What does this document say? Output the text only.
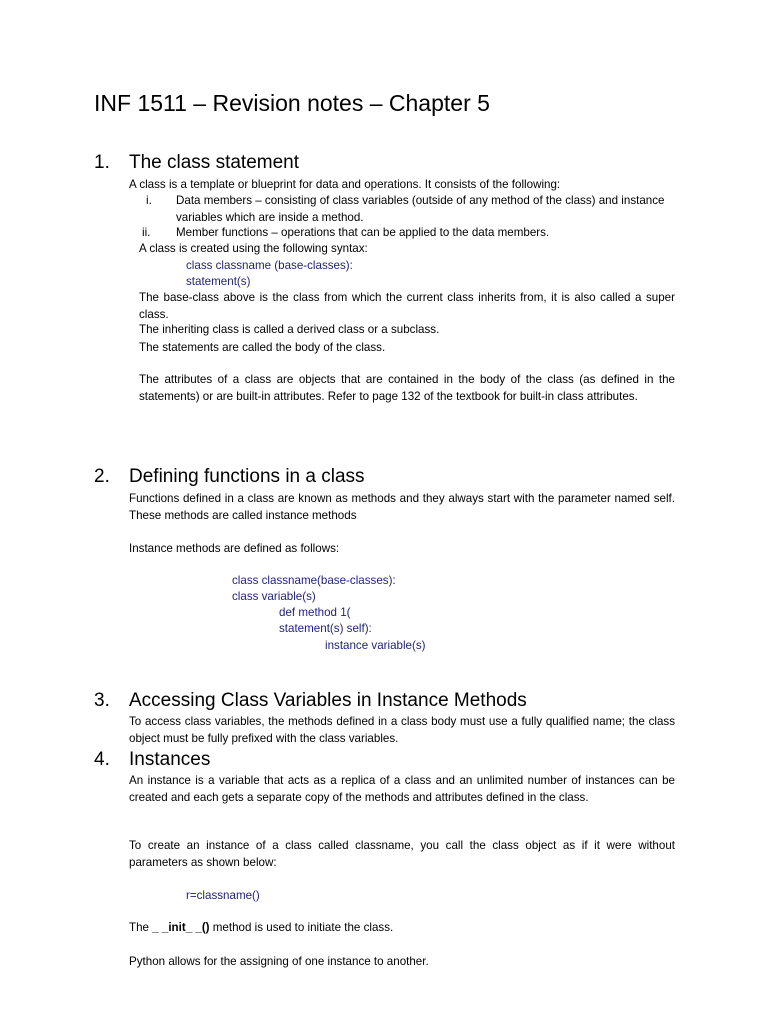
INF 1511 – Revision notes – Chapter 5
1. The class statement

A class is a template or blueprint for data and operations. It consists of the following:

i. Data members – consisting of class variables (outside of any method of the class) and instance variables which are inside a method.
ii. Member functions – operations that can be applied to the data members.

A class is created using the following syntax:

class classname (base-classes):

statement(s)

The base-class above is the class from which the current class inherits from, it is also called a super class.

The inheriting class is called a derived class or a subclass.

The statements are called the body of the class.

The attributes of a class are objects that are contained in the body of the class (as defined in the statements) or are built-in attributes. Refer to page 132 of the textbook for built-in class attributes.

2. Defining functions in a class

Functions defined in a class are known as methods and they always start with the parameter named self. These methods are called instance methods

Instance methods are defined as follows:

class classname(base-classes):

class variable(s)

def method 1(

statement(s) self):

instance variable(s)

3. Accessing Class Variables in Instance Methods

To access class variables, the methods defined in a class body must use a fully qualified name; the class object must be fully prefixed with the class variables.

4. Instances

An instance is a variable that acts as a replica of a class and an unlimited number of instances can be created and each gets a separate copy of the methods and attributes defined in the class.

To create an instance of a class called classname, you call the class object as if it were without parameters as shown below:

r=classname()

The _ _init_ _() method is used to initiate the class.

Python allows for the assigning of one instance to another.
